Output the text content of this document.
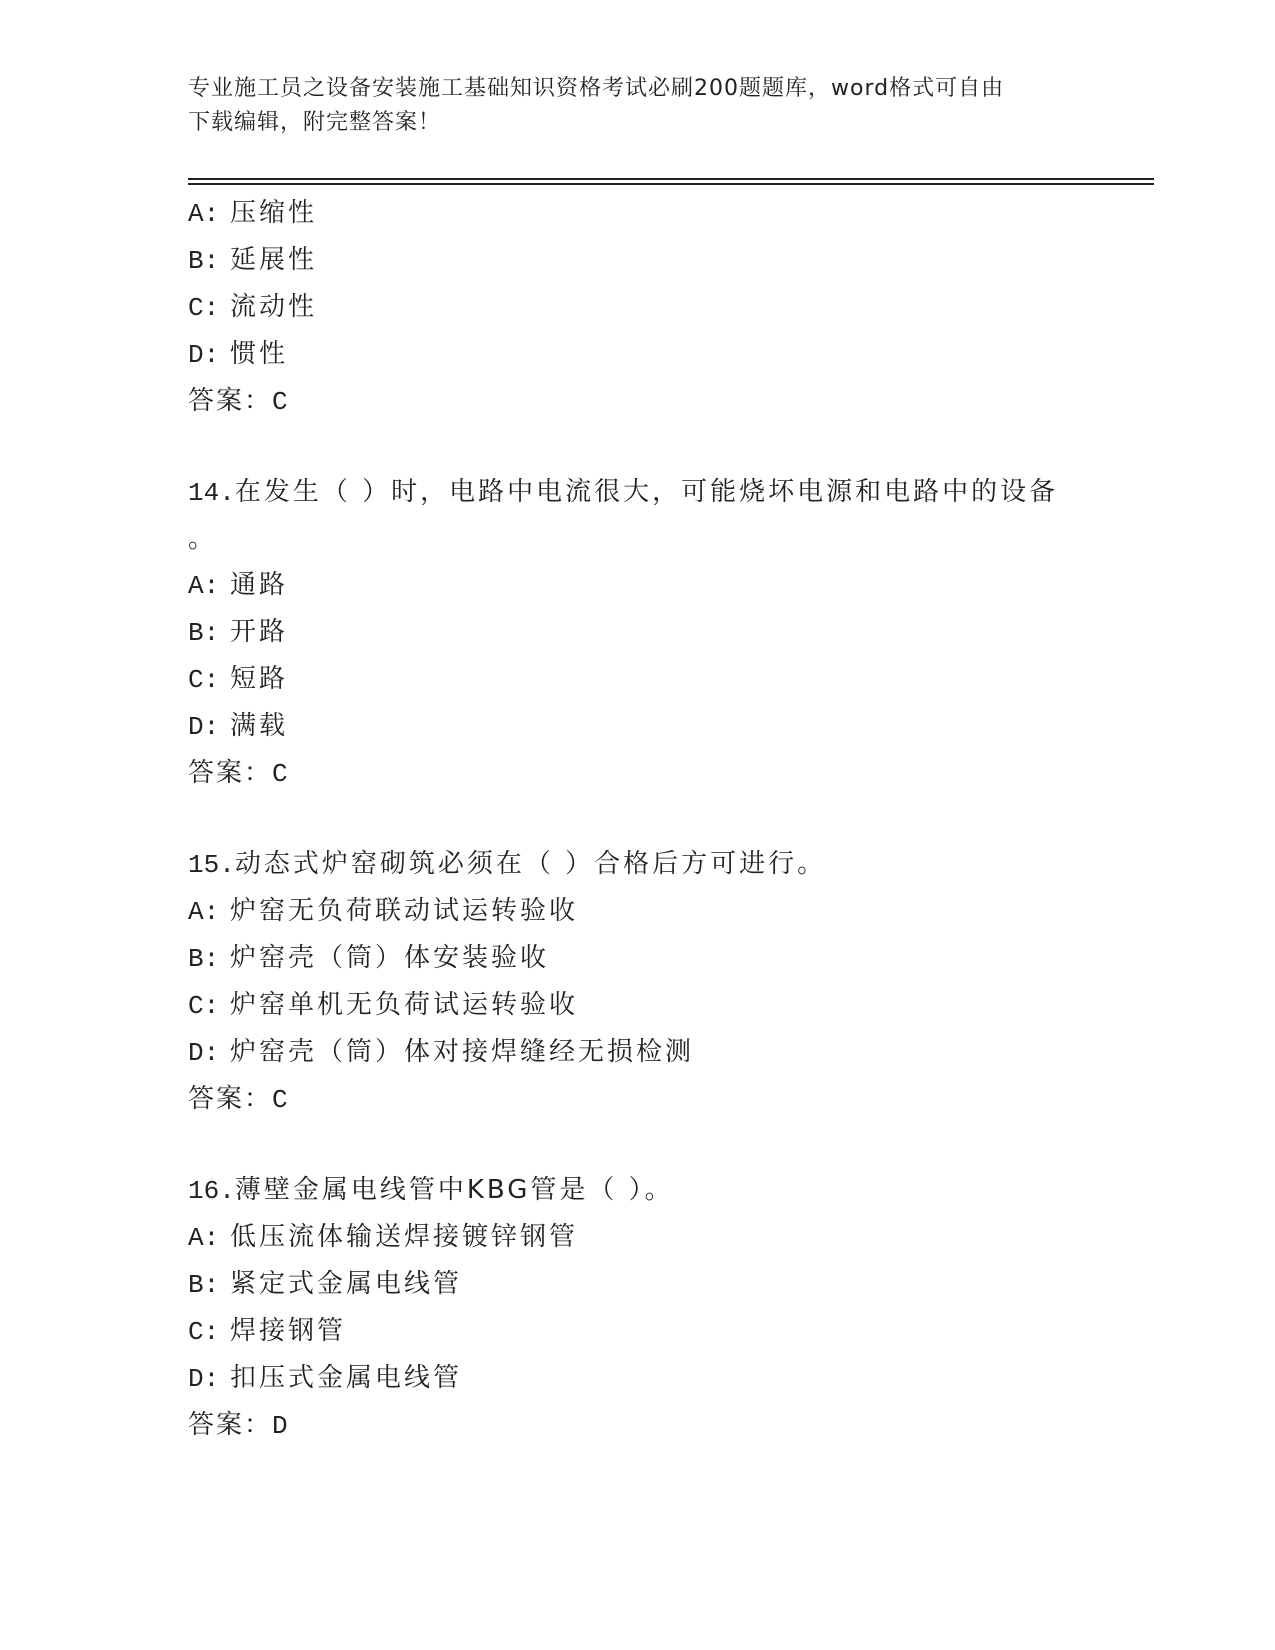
专业施工员之设备安装施工基础知识资格考试必刷200题题库，word格式可自由
下载编辑，附完整答案！
A: 压缩性
B: 延展性
C: 流动性
D: 惯性
答案：C
14.在发生（ ）时，电路中电流很大，可能烧坏电源和电路中的设备
。
A: 通路
B: 开路
C: 短路
D: 满载
答案：C
15.动态式炉窑砌筑必须在（ ）合格后方可进行。
A: 炉窑无负荷联动试运转验收
B: 炉窑壳（筒）体安装验收
C: 炉窑单机无负荷试运转验收
D: 炉窑壳（筒）体对接焊缝经无损检测
答案：C
16.薄壁金属电线管中KBG管是（ ）。
A: 低压流体输送焊接镀锌钢管
B: 紧定式金属电线管
C: 焊接钢管
D: 扣压式金属电线管
答案：D
